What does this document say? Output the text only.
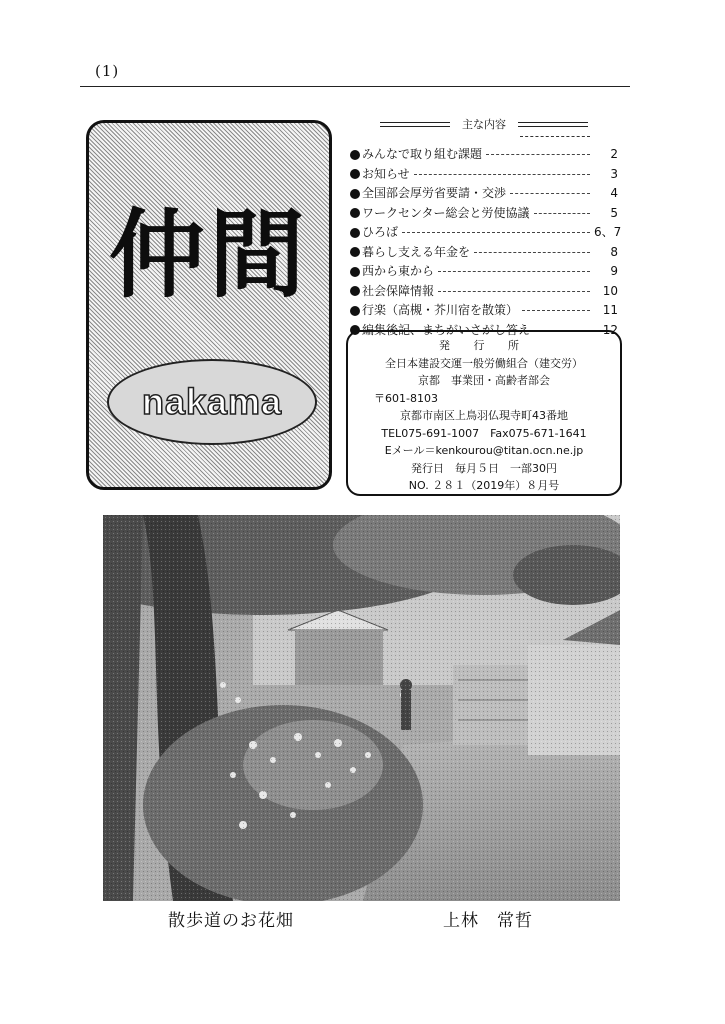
(1)
仲間
nakama
主な内容
みんなで取り組む課題	2
お知らせ	3
全国部会厚労省要請・交渉	4
ワークセンター総会と労使協議	5
ひろば	6、7
暮らし支える年金を	8
西から東から	9
社会保障情報	10
行楽（高槻・芥川宿を散策）	11
編集後記、まちがいさがし答え	12
発 行 所
全日本建設交運一般労働組合（建交労）
京都　事業団・高齢者部会
〒601-8103
京都市南区上鳥羽仏現寺町43番地
TEL075-691-1007　Fax075-671-1641
Eメール＝kenkourou@titan.ocn.ne.jp
発行日　毎月５日　一部30円
NO. ２８１（2019年）８月号
散歩道のお花畑	上林　常哲
